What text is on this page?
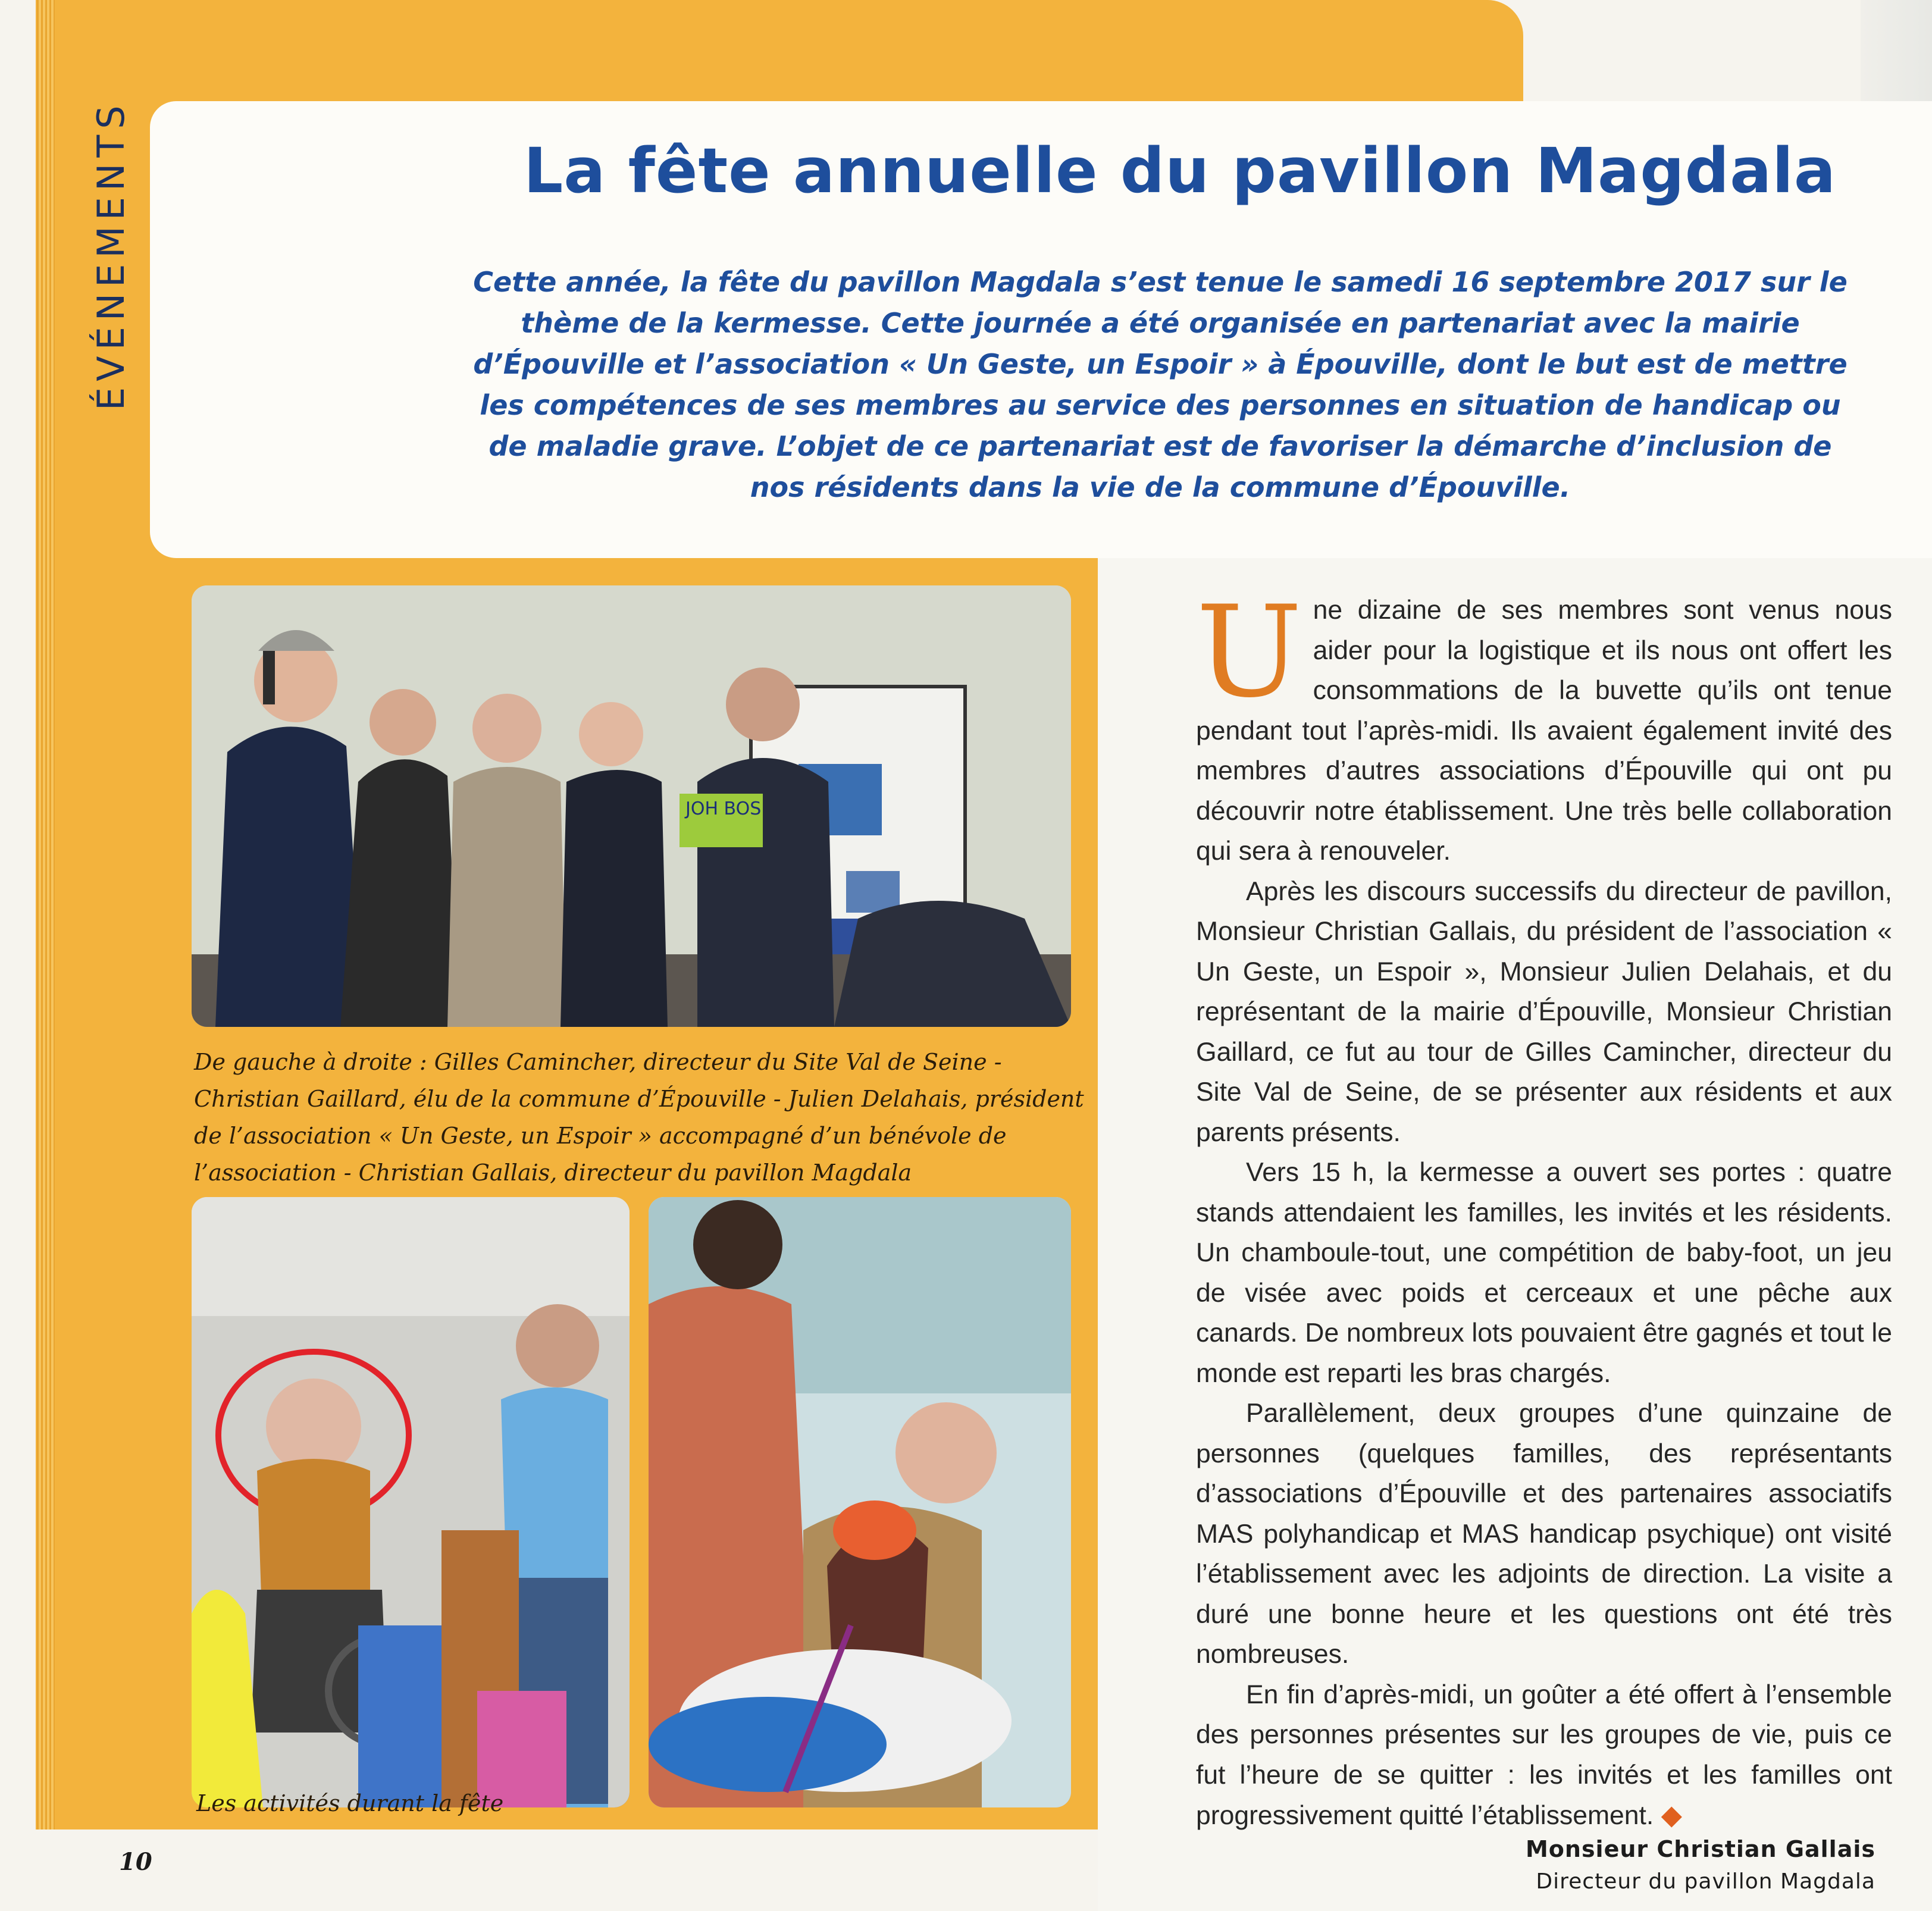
ÉVÉNEMENTS	La fête annuelle du pavillon Magdala

Cette année, la fête du pavillon Magdala s’est tenue le samedi 16 septembre 2017 sur le thème de la kermesse. Cette journée a été organisée en partenariat avec la mairie d’Épouville et l’association « Un Geste, un Espoir » à Épouville, dont le but est de mettre les compétences de ses membres au service des personnes en situation de handicap ou de maladie grave. L’objet de ce partenariat est de favoriser la démarche d’inclusion de nos résidents dans la vie de la commune d’Épouville.

JOH BOS

De gauche à droite : Gilles Camincher, directeur du Site Val de Seine - Christian Gaillard, élu de la commune d’Épouville - Julien Delahais, président de l’association « Un Geste, un Espoir » accompagné d’un bénévole de l’association - Christian Gallais, directeur du pavillon Magdala

Les activités durant la fête

Une dizaine de ses membres sont venus nous aider pour la logistique et ils nous ont offert les consommations de la buvette qu’ils ont tenue pendant tout l’après-midi. Ils avaient également invité des membres d’autres associations d’Épouville qui ont pu découvrir notre établissement. Une très belle collaboration qui sera à renouveler.

Après les discours successifs du directeur de pavillon, Monsieur Christian Gallais, du président de l’association « Un Geste, un Espoir », Monsieur Julien Delahais, et du représentant de la mairie d’Épouville, Monsieur Christian Gaillard, ce fut au tour de Gilles Camincher, directeur du Site Val de Seine, de se présenter aux résidents et aux parents présents.

Vers 15 h, la kermesse a ouvert ses portes : quatre stands attendaient les familles, les invités et les résidents. Un chamboule-tout, une compétition de baby-foot, un jeu de visée avec poids et cerceaux et une pêche aux canards. De nombreux lots pouvaient être gagnés et tout le monde est reparti les bras chargés.

Parallèlement, deux groupes d’une quinzaine de personnes (quelques familles, des représentants d’associations d’Épouville et des partenaires associatifs MAS polyhandicap et MAS handicap psychique) ont visité l’établissement avec les adjoints de direction. La visite a duré une bonne heure et les questions ont été très nombreuses.

En fin d’après-midi, un goûter a été offert à l’ensemble des personnes présentes sur les groupes de vie, puis ce fut l’heure de se quitter : les invités et les familles ont progressivement quitté l’établissement. ◆

Monsieur Christian Gallais

Directeur du pavillon Magdala

10
